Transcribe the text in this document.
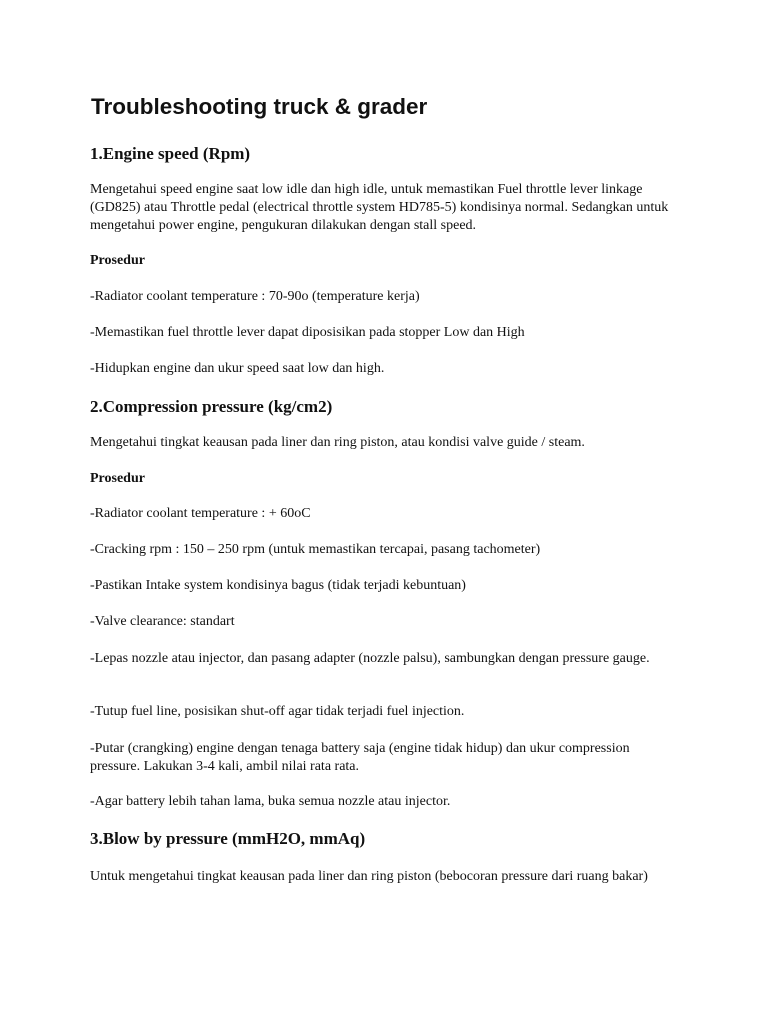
Troubleshooting truck & grader
1.Engine speed (Rpm)

Mengetahui speed engine saat low idle dan high idle, untuk memastikan Fuel throttle lever linkage (GD825) atau Throttle pedal (electrical throttle system HD785-5) kondisinya normal. Sedangkan untuk mengetahui power engine, pengukuran dilakukan dengan stall speed.

Prosedur

-Radiator coolant temperature : 70-90o (temperature kerja)

-Memastikan fuel throttle lever dapat diposisikan pada stopper Low dan High

-Hidupkan engine dan ukur speed saat low dan high.

2.Compression pressure (kg/cm2)

Mengetahui tingkat keausan pada liner dan ring piston, atau kondisi valve guide / steam.

Prosedur

-Radiator coolant temperature : + 60oC

-Cracking rpm : 150 – 250 rpm (untuk memastikan tercapai, pasang tachometer)

-Pastikan Intake system kondisinya bagus (tidak terjadi kebuntuan)

-Valve clearance: standart

-Lepas nozzle atau injector, dan pasang adapter (nozzle palsu), sambungkan dengan pressure gauge.

-Tutup fuel line, posisikan shut-off agar tidak terjadi fuel injection.

-Putar (crangking) engine dengan tenaga battery saja (engine tidak hidup) dan ukur compression pressure. Lakukan 3-4 kali, ambil nilai rata rata.

-Agar battery lebih tahan lama, buka semua nozzle atau injector.

3.Blow by pressure (mmH2O, mmAq)

Untuk mengetahui tingkat keausan pada liner dan ring piston (bebocoran pressure dari ruang bakar)
